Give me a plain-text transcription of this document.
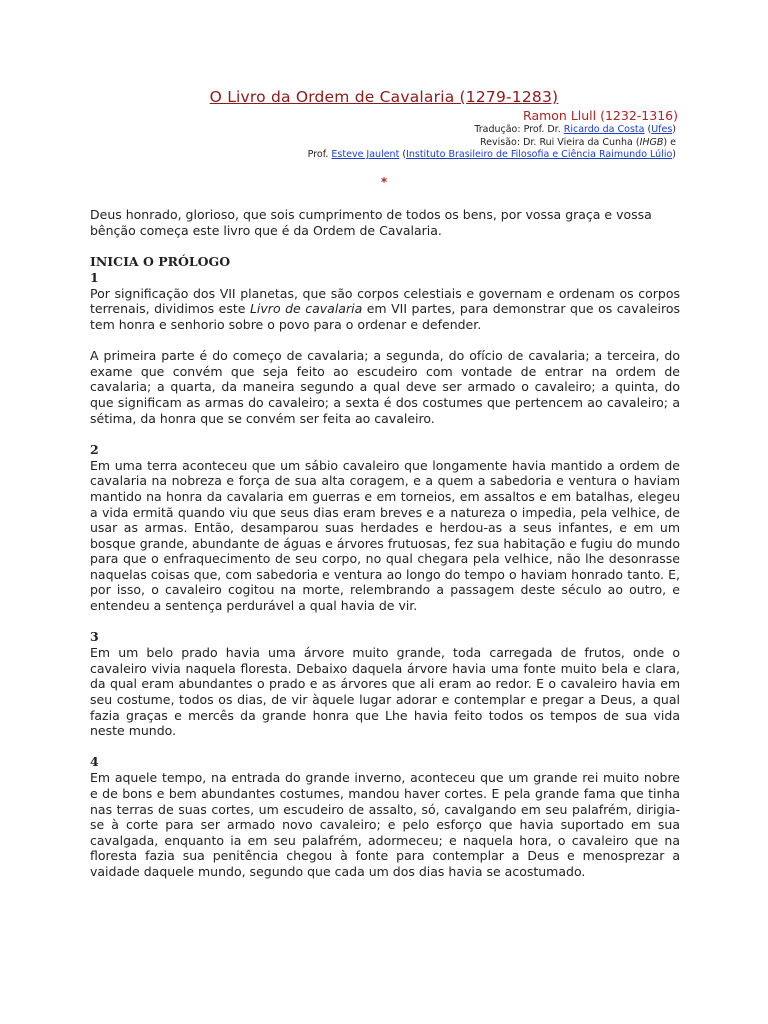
O Livro da Ordem de Cavalaria (1279-1283)
Ramon Llull (1232-1316)
Tradução: Prof. Dr. Ricardo da Costa (Ufes)
Revisão: Dr. Rui Vieira da Cunha (IHGB) e
Prof. Esteve Jaulent (Instituto Brasileiro de Filosofia e Ciência Raimundo Lúlio)
*

Deus honrado, glorioso, que sois cumprimento de todos os bens, por vossa graça e vossa bênção começa este livro que é da Ordem de Cavalaria.

INICIA O PRÓLOGO
1

Por significação dos VII planetas, que são corpos celestiais e governam e ordenam os corpos terrenais, dividimos este Livro de cavalaria em VII partes, para demonstrar que os cavaleiros tem honra e senhorio sobre o povo para o ordenar e defender.

A primeira parte é do começo de cavalaria; a segunda, do ofício de cavalaria; a terceira, do exame que convém que seja feito ao escudeiro com vontade de entrar na ordem de cavalaria; a quarta, da maneira segundo a qual deve ser armado o cavaleiro; a quinta, do que significam as armas do cavaleiro; a sexta é dos costumes que pertencem ao cavaleiro; a sétima, da honra que se convém ser feita ao cavaleiro.

2

Em uma terra aconteceu que um sábio cavaleiro que longamente havia mantido a ordem de cavalaria na nobreza e força de sua alta coragem, e a quem a sabedoria e ventura o haviam mantido na honra da cavalaria em guerras e em torneios, em assaltos e em batalhas, elegeu a vida ermitã quando viu que seus dias eram breves e a natureza o impedia, pela velhice, de usar as armas. Então, desamparou suas herdades e herdou-as a seus infantes, e em um bosque grande, abundante de águas e árvores frutuosas, fez sua habitação e fugiu do mundo para que o enfraquecimento de seu corpo, no qual chegara pela velhice, não lhe desonrasse naquelas coisas que, com sabedoria e ventura ao longo do tempo o haviam honrado tanto. E, por isso, o cavaleiro cogitou na morte, relembrando a passagem deste século ao outro, e entendeu a sentença perdurável a qual havia de vir.

3

Em um belo prado havia uma árvore muito grande, toda carregada de frutos, onde o cavaleiro vivia naquela floresta. Debaixo daquela árvore havia uma fonte muito bela e clara, da qual eram abundantes o prado e as árvores que ali eram ao redor. E o cavaleiro havia em seu costume, todos os dias, de vir àquele lugar adorar e contemplar e pregar a Deus, a qual fazia graças e mercês da grande honra que Lhe havia feito todos os tempos de sua vida neste mundo.

4

Em aquele tempo, na entrada do grande inverno, aconteceu que um grande rei muito nobre e de bons e bem abundantes costumes, mandou haver cortes. E pela grande fama que tinha nas terras de suas cortes, um escudeiro de assalto, só, cavalgando em seu palafrém, dirigia-se à corte para ser armado novo cavaleiro; e pelo esforço que havia suportado em sua cavalgada, enquanto ia em seu palafrém, adormeceu; e naquela hora, o cavaleiro que na floresta fazia sua penitência chegou à fonte para contemplar a Deus e menosprezar a vaidade daquele mundo, segundo que cada um dos dias havia se acostumado.
